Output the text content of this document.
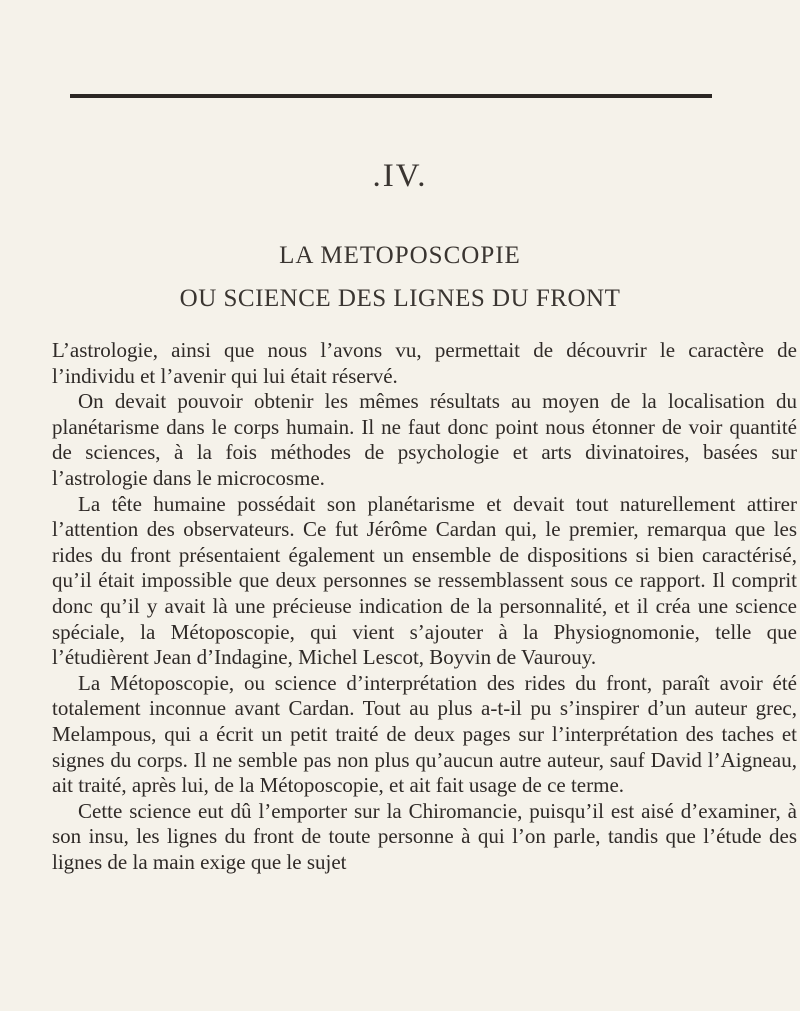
.IV.
LA METOPOSCOPIE
OU SCIENCE DES LIGNES DU FRONT

L’astrologie, ainsi que nous l’avons vu, permettait de découvrir le caractère de l’individu et l’avenir qui lui était réservé.

On devait pouvoir obtenir les mêmes résultats au moyen de la localisation du planétarisme dans le corps humain. Il ne faut donc point nous étonner de voir quantité de sciences, à la fois méthodes de psychologie et arts divinatoires, basées sur l’astrologie dans le microcosme.

La tête humaine possédait son planétarisme et devait tout naturellement attirer l’attention des observateurs. Ce fut Jérôme Cardan qui, le premier, remarqua que les rides du front présentaient également un ensemble de dispositions si bien caractérisé, qu’il était impossible que deux personnes se ressemblassent sous ce rapport. Il comprit donc qu’il y avait là une précieuse indication de la personnalité, et il créa une science spéciale, la Métoposcopie, qui vient s’ajouter à la Physiognomonie, telle que l’étudièrent Jean d’Indagine, Michel Lescot, Boyvin de Vaurouy.

La Métoposcopie, ou science d’interprétation des rides du front, paraît avoir été totalement inconnue avant Cardan. Tout au plus a-t-il pu s’inspirer d’un auteur grec, Melampous, qui a écrit un petit traité de deux pages sur l’interprétation des taches et signes du corps. Il ne semble pas non plus qu’aucun autre auteur, sauf David l’Aigneau, ait traité, après lui, de la Métoposcopie, et ait fait usage de ce terme.

Cette science eut dû l’emporter sur la Chiromancie, puisqu’il est aisé d’examiner, à son insu, les lignes du front de toute personne à qui l’on parle, tandis que l’étude des lignes de la main exige que le sujet
